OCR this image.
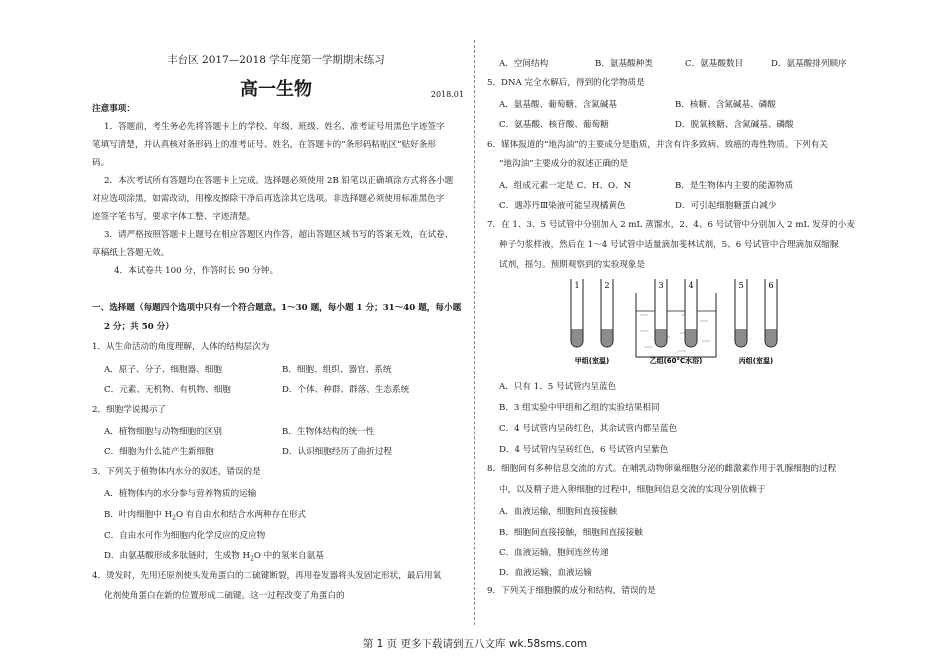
丰台区 2017—2018 学年度第一学期期末练习
高一生物	2018.01
注意事项：
1．答题前，考生务必先将答题卡上的学校、年级、班级、姓名、准考证号用黑色字迹签字
笔填写清楚，并认真核对条形码上的准考证号、姓名，在答题卡的“条形码粘贴区”贴好条形
码。
2．本次考试所有答题均在答题卡上完成。选择题必须使用 2B 铅笔以正确填涂方式将各小题
对应选项涂黑，如需改动，用橡皮擦除干净后再选涂其它选项。非选择题必须使用标准黑色字
迹签字笔书写，要求字体工整、字迹清楚。
3．请严格按照答题卡上题号在相应答题区内作答，超出答题区域书写的答案无效，在试卷、
草稿纸上答题无效。
4．本试卷共 100 分，作答时长 90 分钟。
一、选择题（每题四个选项中只有一个符合题意。1～30 题，每小题 1 分；31～40 题，每小题
2 分；共 50 分）
1．从生命活动的角度理解，人体的结构层次为
A．原子、分子、细胞器、细胞	B．细胞、组织、器官、系统
C．元素、无机物、有机物、细胞	D．个体、种群、群落、生态系统
2．细胞学说揭示了
A．植物细胞与动物细胞的区别	B．生物体结构的统一性
C．细胞为什么能产生新细胞	D．认识细胞经历了曲折过程
3．下列关于植物体内水分的叙述，错误的是
A．植物体内的水分参与营养物质的运输
B．叶肉细胞中 $H_2O$ 有自由水和结合水两种存在形式
C．自由水可作为细胞内化学反应的反应物
D．由氨基酸形成多肽链时，生成物 $H_2O$ 中的氢来自氨基
4．烫发时，先用还原剂使头发角蛋白的二硫键断裂，再用卷发器将头发固定形状，最后用氧
化剂使角蛋白在新的位置形成二硫键。这一过程改变了角蛋白的
A．空间结构	B．氨基酸种类	C．氨基酸数目	D．氨基酸排列顺序
5．DNA 完全水解后，得到的化学物质是
A．氨基酸、葡萄糖、含氮碱基	B．核糖、含氮碱基、磷酸
C．氨基酸、核苷酸、葡萄糖	D．脱氧核糖、含氮碱基、磷酸
6．媒体报道的“地沟油”的主要成分是脂质，并含有许多致病、致癌的毒性物质。下列有关
“地沟油”主要成分的叙述正确的是
A．组成元素一定是 C、H、O、N	B．是生物体内主要的能源物质
C．遇苏丹Ⅲ染液可能呈现橘黄色	D．可引起细胞糖蛋白减少
7．在 1、3、5 号试管中分别加入 2 mL 蒸馏水，2、4、6 号试管中分别加入 2 mL 发芽的小麦
种子匀浆样液，然后在 1～4 号试管中适量滴加斐林试剂，5、6 号试管中合理滴加双缩脲
试剂，摇匀。预期观察到的实验现象是
A．只有 1、5 号试管内呈蓝色
B．3 组实验中甲组和乙组的实验结果相同
C．4 号试管内呈砖红色，其余试管内都呈蓝色
D．4 号试管内呈砖红色，6 号试管内呈紫色
8．细胞间有多种信息交流的方式。在哺乳动物卵巢细胞分泌的雌激素作用于乳腺细胞的过程
中，以及精子进入卵细胞的过程中，细胞间信息交流的实现分别依赖于
A．血液运输，细胞间直接接触
B．细胞间直接接触，细胞间直接接触
C．血液运输，胞间连丝传递
D．血液运输，血液运输
9．下列关于细胞膜的成分和结构，错误的是
1	2	3	4	5	6
甲组(室温)	乙组(60°C水浴)	丙组(室温)
第 1 页 更多下载请到五八文库 wk.58sms.com
